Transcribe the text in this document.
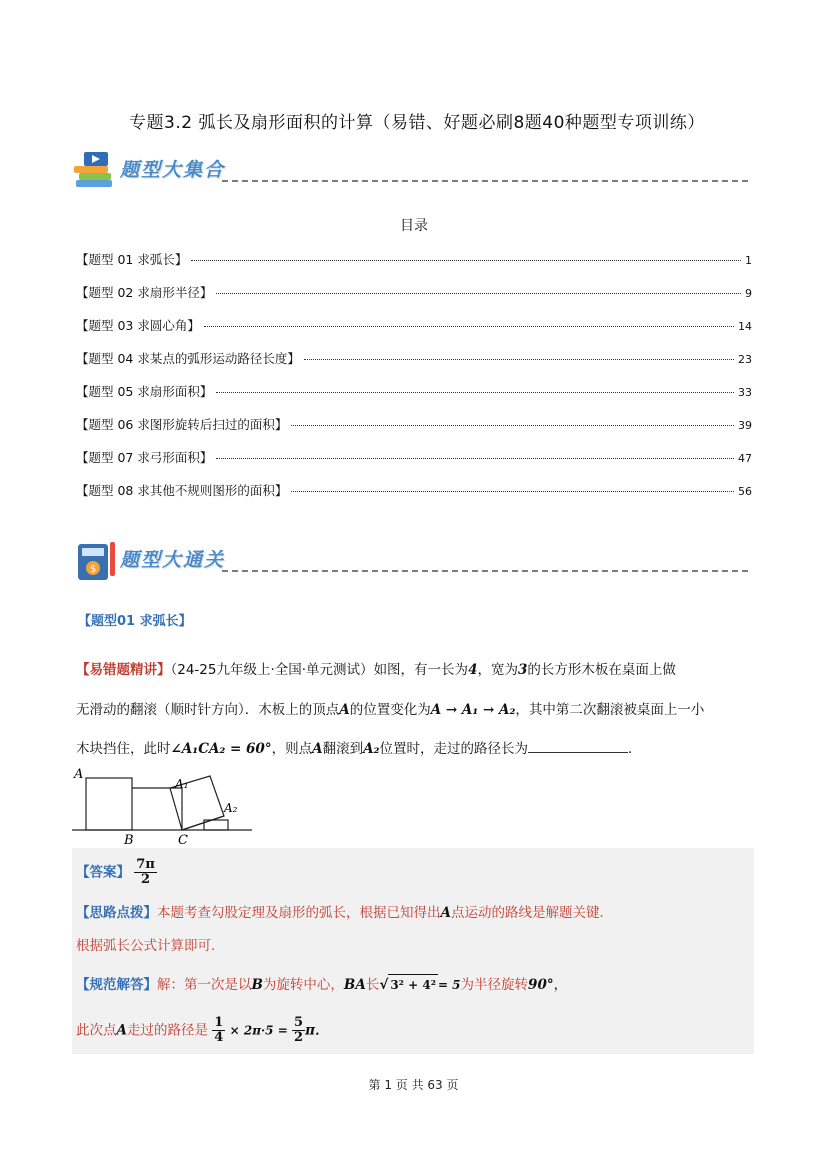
专题3.2 弧长及扇形面积的计算（易错、好题必刷8题40种题型专项训练）
题型大集合
目录
【题型 01 求弧长】	1
【题型 02 求扇形半径】	9
【题型 03 求圆心角】	14
【题型 04 求某点的弧形运动路径长度】	23
【题型 05 求扇形面积】	33
【题型 06 求图形旋转后扫过的面积】	39
【题型 07 求弓形面积】	47
【题型 08 求其他不规则图形的面积】	56
$ 题型大通关
【题型01 求弧长】
【易错题精讲】（24-25九年级上·全国·单元测试）如图，有一长为4，宽为3的长方形木板在桌面上做
无滑动的翻滚（顺时针方向）．木板上的顶点A的位置变化为A → A₁ → A₂，其中第二次翻滚被桌面上一小
木块挡住，此时∠A₁CA₂ = 60°，则点A翻滚到A₂位置时，走过的路径长为	．
A
A₁
A₂
B	C
【答案】 $\frac{7\pi}{2}$
【思路点拨】本题考查勾股定理及扇形的弧长，根据已知得出A点运动的路线是解题关键．
根据弧长公式计算即可．
【规范解答】解：第一次是以B为旋转中心，BA长√ 3² + 4² = 5为半径旋转90°，
此次点A走过的路径是 $\frac{1}{4} \times 2\pi\cdot 5 = \frac{5}{2}$ π．
第 1 页 共 63 页
